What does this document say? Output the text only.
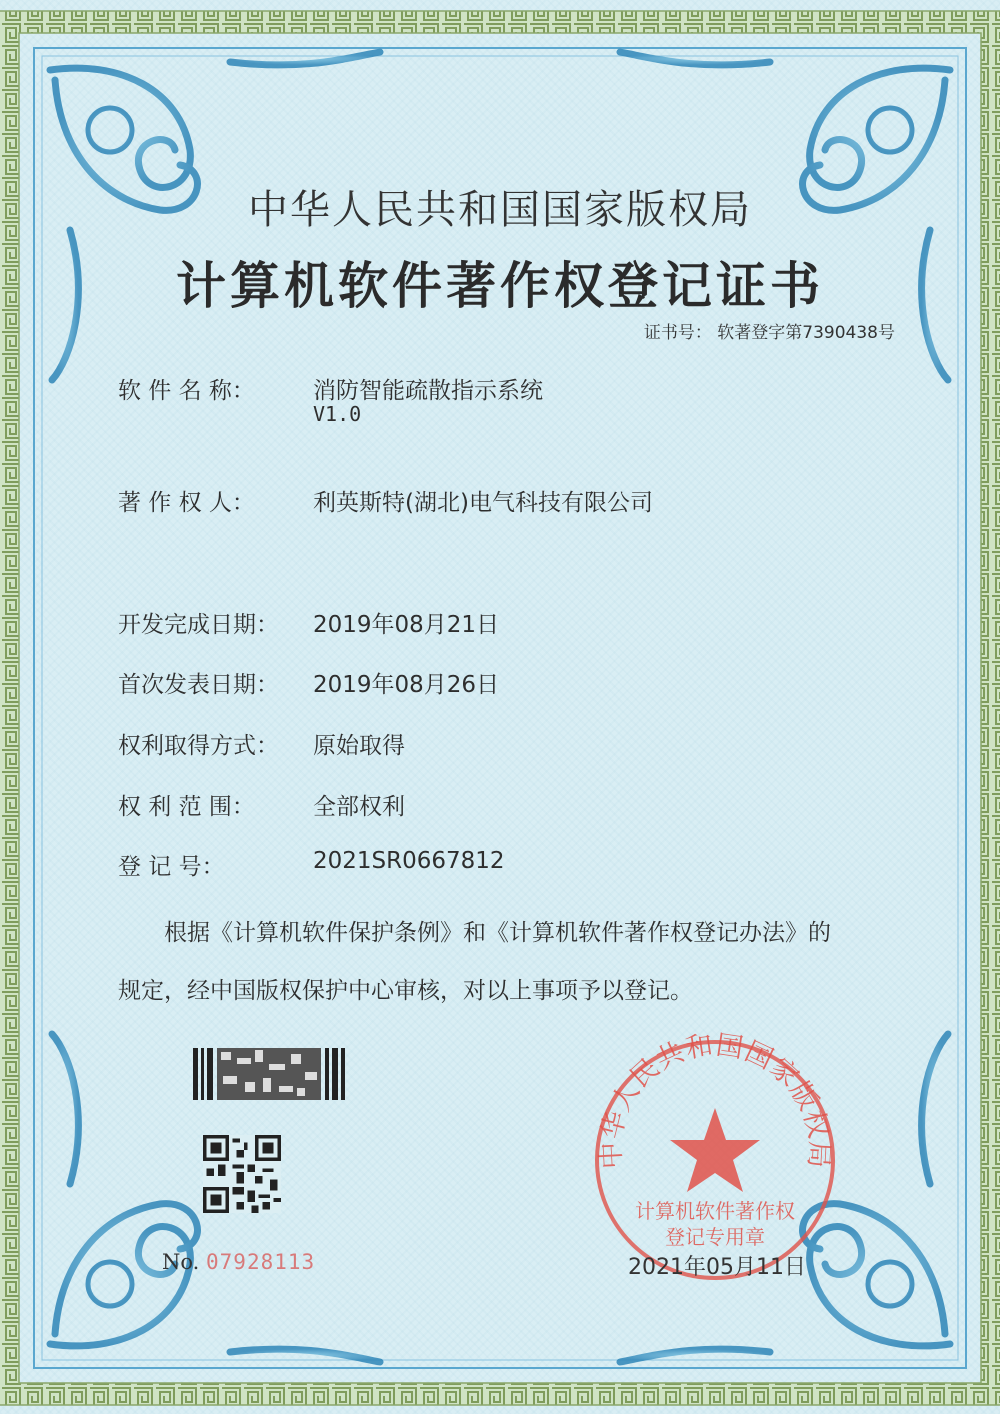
中华人民共和国国家版权局
计算机软件著作权登记证书
证书号： 软著登字第7390438号
软 件 名 称：	消防智能疏散指示系统
V1.0
著 作 权 人：	利英斯特(湖北)电气科技有限公司
开发完成日期：	2019年08月21日
首次发表日期：	2019年08月26日
权利取得方式：	原始取得
权 利 范 围：	全部权利
登 记 号：	2021SR0667812
根据《计算机软件保护条例》和《计算机软件著作权登记办法》的
规定，经中国版权保护中心审核，对以上事项予以登记。
No. 07928113
中华人民共和国国家版权局
计算机软件著作权
登记专用章
2021年05月11日
